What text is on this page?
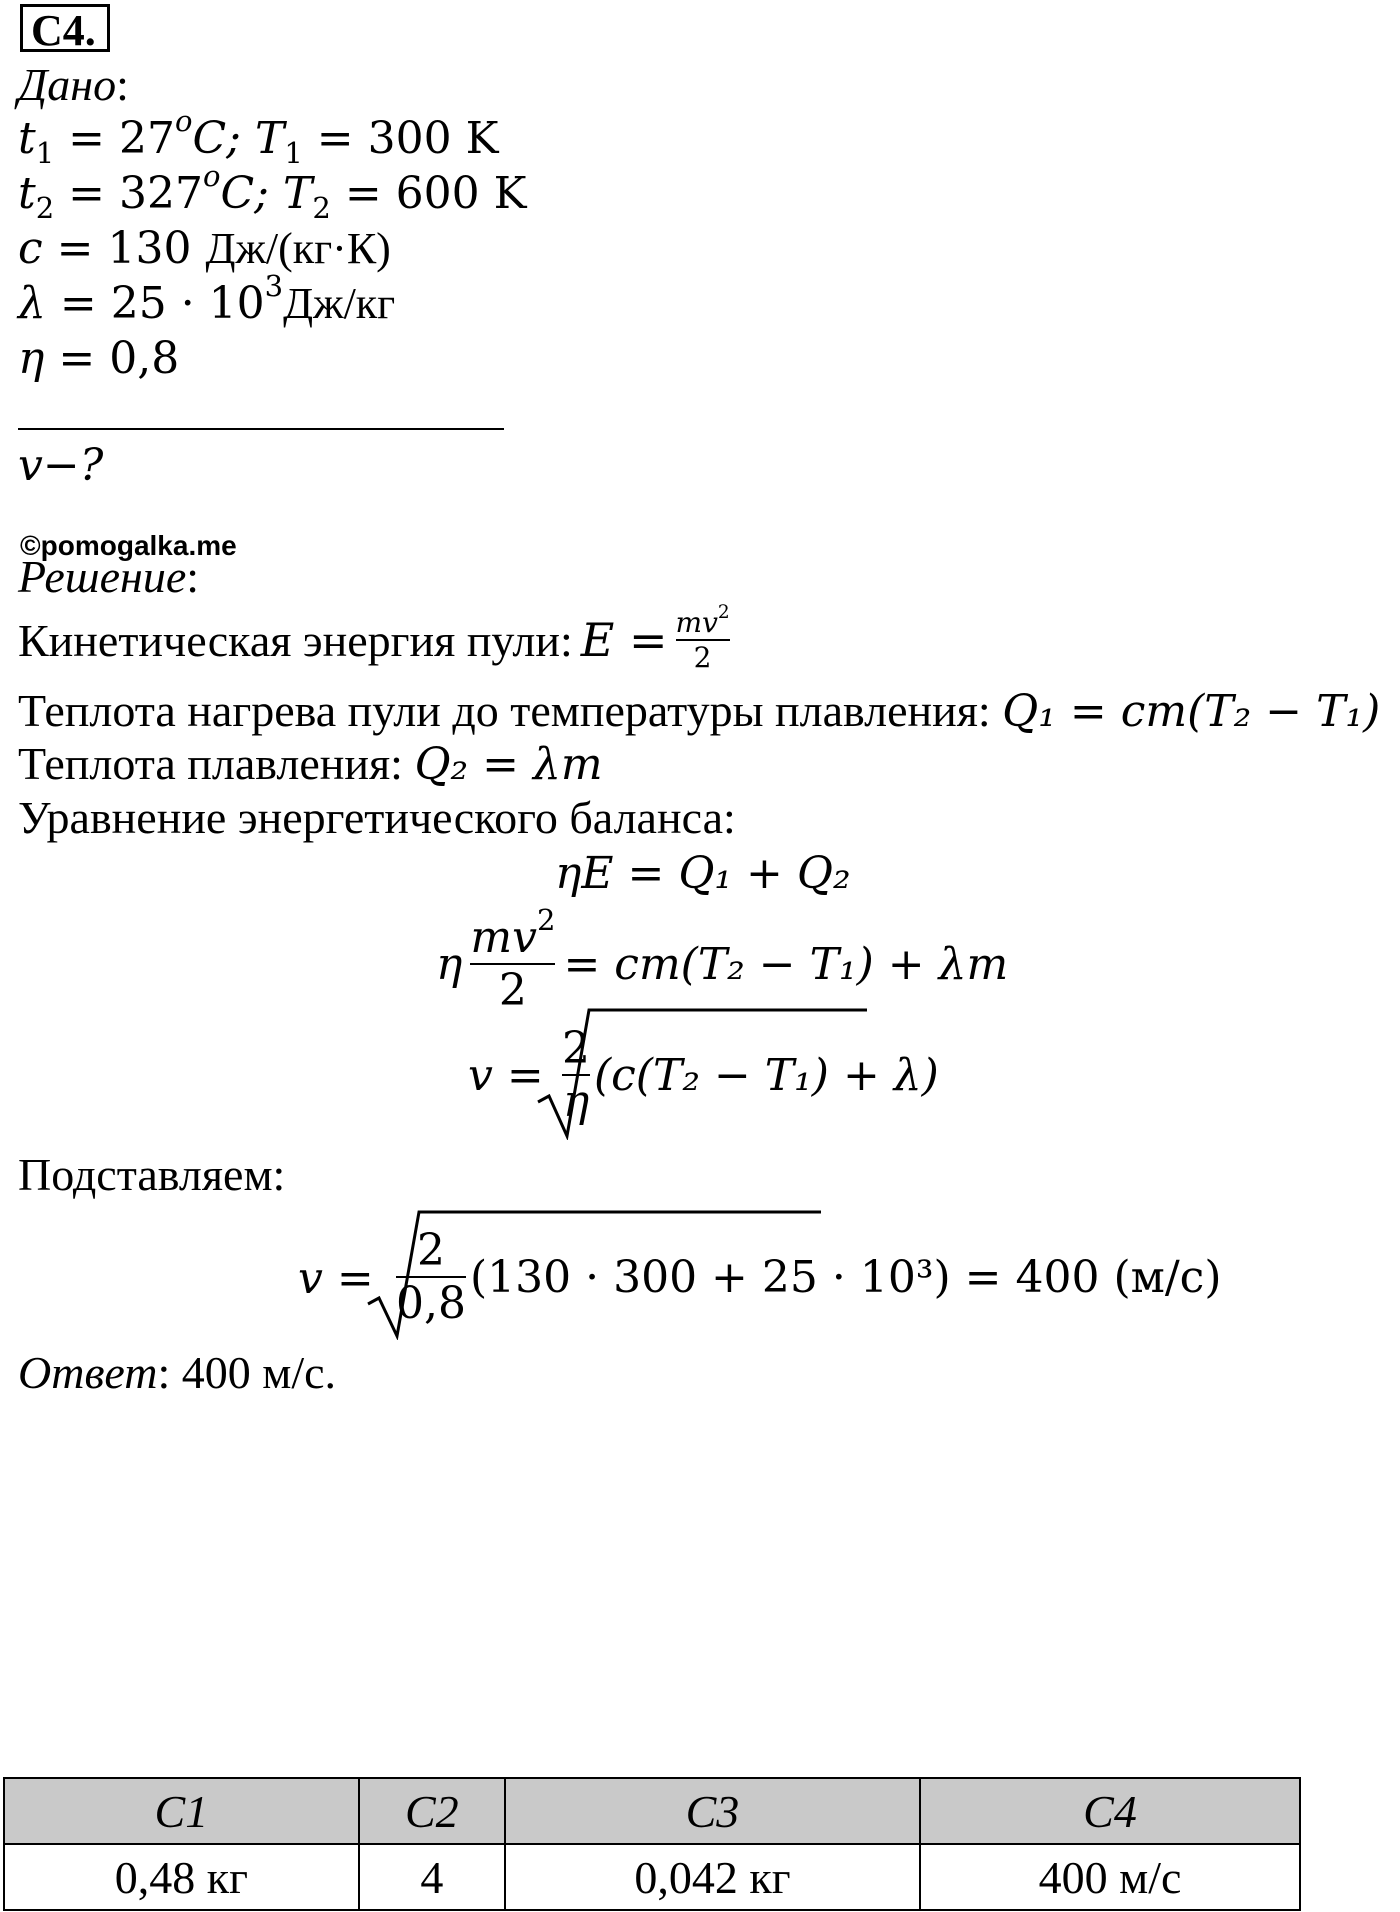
C4.
Дано:
$t_1 = 27^oC$; $T_1 = 300$ K
$t_2 = 327^oC$; $T_2 = 600$ K
c = 130 Дж/(кг·К)
$\lambda = 25 \cdot 10^3Дж/кг$
η = 0,8
v−?
©pomogalka.me
Решение:
Кинетическая энергия пули: $E = \frac{mv^2}{2}$
Теплота нагрева пули до температуры плавления: Q₁ = cm(T₂ − T₁)
Теплота плавления: Q₂ = λm
Уравнение энергетического баланса:
ηE = Q₁ + Q₂
η $\frac{mv^2}{2} = cm(T_2 - T_1) + \lambda m$
$v = \frac{2}{\eta} (c(T_2 - T_1) + \lambda)$
Подставляем:
$v = \frac{2}{0,8} (130 \cdot 300 + 25 \cdot 10^3) = 400$ (м/с)
Ответ: 400 м/с.
C1	C2	C3	C4
0,48 кг	4	0,042 кг	400 м/с
